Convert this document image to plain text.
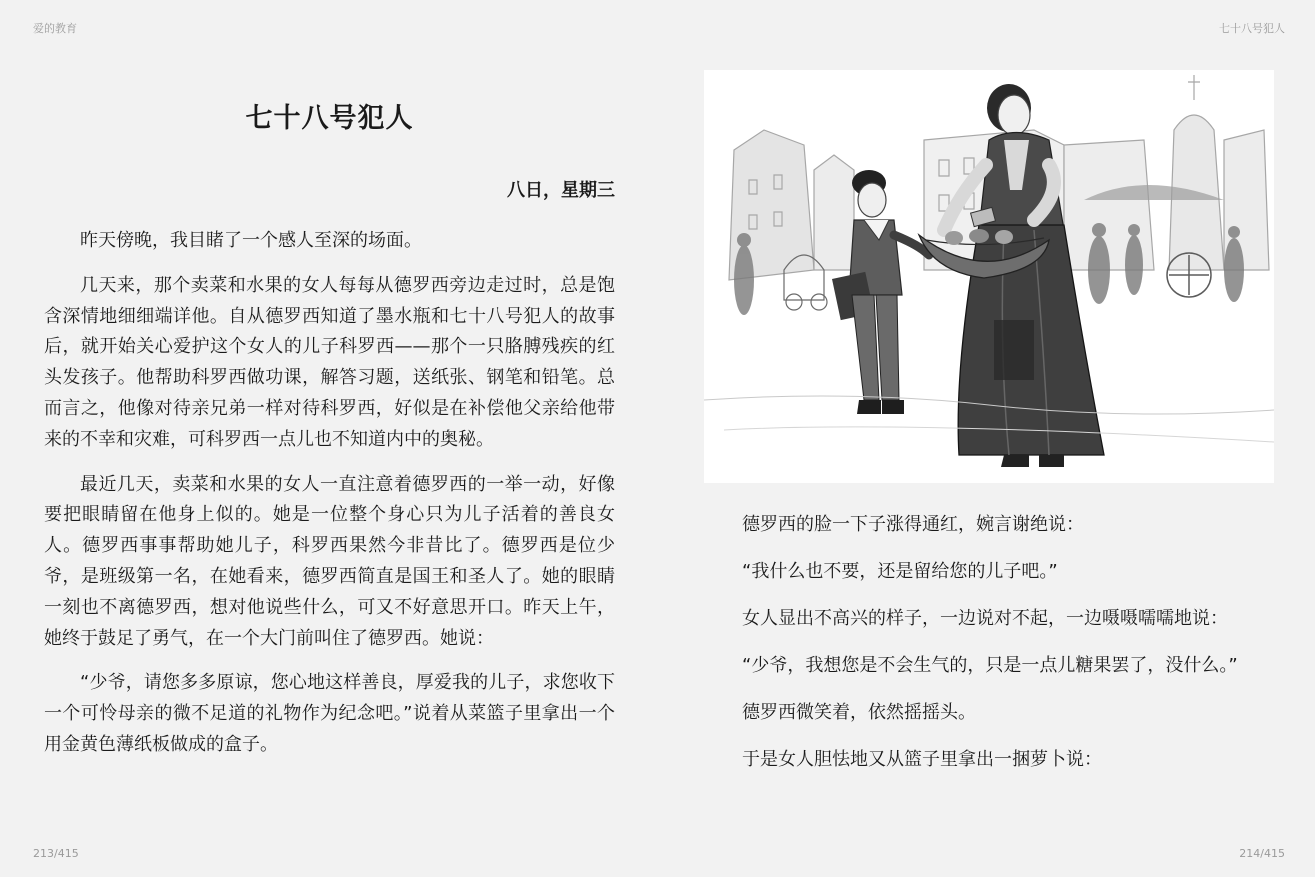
爱的教育	七十八号犯人
七十八号犯人
八日，星期三

昨天傍晚，我目睹了一个感人至深的场面。

几天来，那个卖菜和水果的女人每每从德罗西旁边走过时，总是饱含深情地细细端详他。自从德罗西知道了墨水瓶和七十八号犯人的故事后，就开始关心爱护这个女人的儿子科罗西——那个一只胳膊残疾的红头发孩子。他帮助科罗西做功课，解答习题，送纸张、钢笔和铅笔。总而言之，他像对待亲兄弟一样对待科罗西，好似是在补偿他父亲给他带来的不幸和灾难，可科罗西一点儿也不知道内中的奥秘。

最近几天，卖菜和水果的女人一直注意着德罗西的一举一动，好像要把眼睛留在他身上似的。她是一位整个身心只为儿子活着的善良女人。德罗西事事帮助她儿子，科罗西果然今非昔比了。德罗西是位少爷，是班级第一名，在她看来，德罗西简直是国王和圣人了。她的眼睛一刻也不离德罗西，想对他说些什么，可又不好意思开口。昨天上午，她终于鼓足了勇气，在一个大门前叫住了德罗西。她说：

“少爷，请您多多原谅，您心地这样善良，厚爱我的儿子，求您收下一个可怜母亲的微不足道的礼物作为纪念吧。”说着从菜篮子里拿出一个用金黄色薄纸板做成的盒子。

德罗西的脸一下子涨得通红，婉言谢绝说：

“我什么也不要，还是留给您的儿子吧。”

女人显出不高兴的样子，一边说对不起，一边嗫嗫嚅嚅地说：

“少爷，我想您是不会生气的，只是一点儿糖果罢了，没什么。”

德罗西微笑着，依然摇摇头。

于是女人胆怯地又从篮子里拿出一捆萝卜说：

213/415	214/415
